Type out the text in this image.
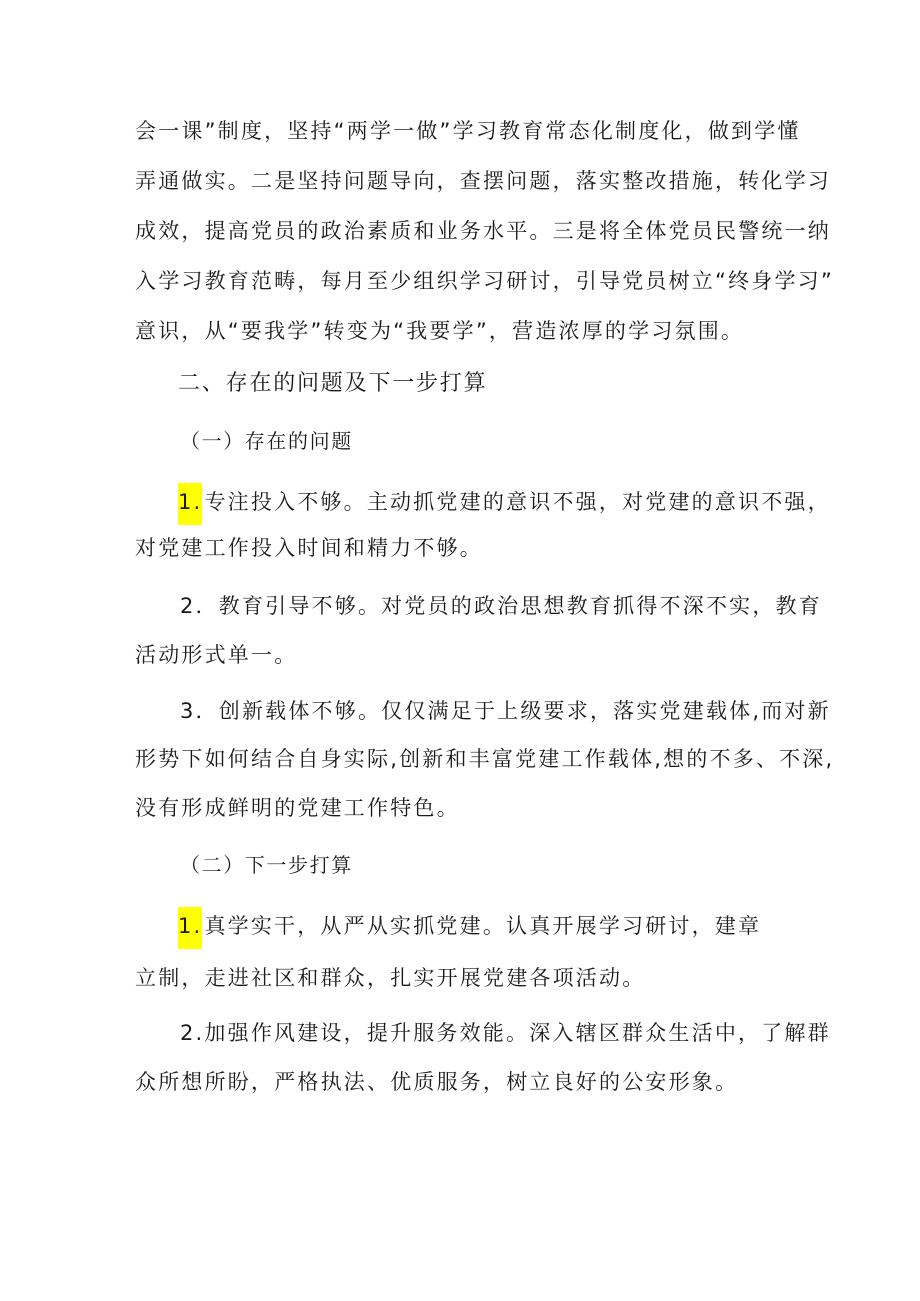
会一课”制度，坚持“两学一做”学习教育常态化制度化，做到学懂
弄通做实。二是坚持问题导向，查摆问题，落实整改措施，转化学习
成效，提高党员的政治素质和业务水平。三是将全体党员民警统一纳
入学习教育范畴，每月至少组织学习研讨，引导党员树立“终身学习”
意识，从“要我学”转变为“我要学”，营造浓厚的学习氛围。
二、存在的问题及下一步打算
（一）存在的问题
1.专注投入不够。主动抓党建的意识不强，对党建的意识不强，
对党建工作投入时间和精力不够。
2．教育引导不够。对党员的政治思想教育抓得不深不实，教育
活动形式单一。
3．创新载体不够。仅仅满足于上级要求，落实党建载体,而对新
形势下如何结合自身实际,创新和丰富党建工作载体,想的不多、不深,
没有形成鲜明的党建工作特色。
（二）下一步打算
1.真学实干，从严从实抓党建。认真开展学习研讨，建章
立制，走进社区和群众，扎实开展党建各项活动。
2.加强作风建设，提升服务效能。深入辖区群众生活中，了解群
众所想所盼，严格执法、优质服务，树立良好的公安形象。
